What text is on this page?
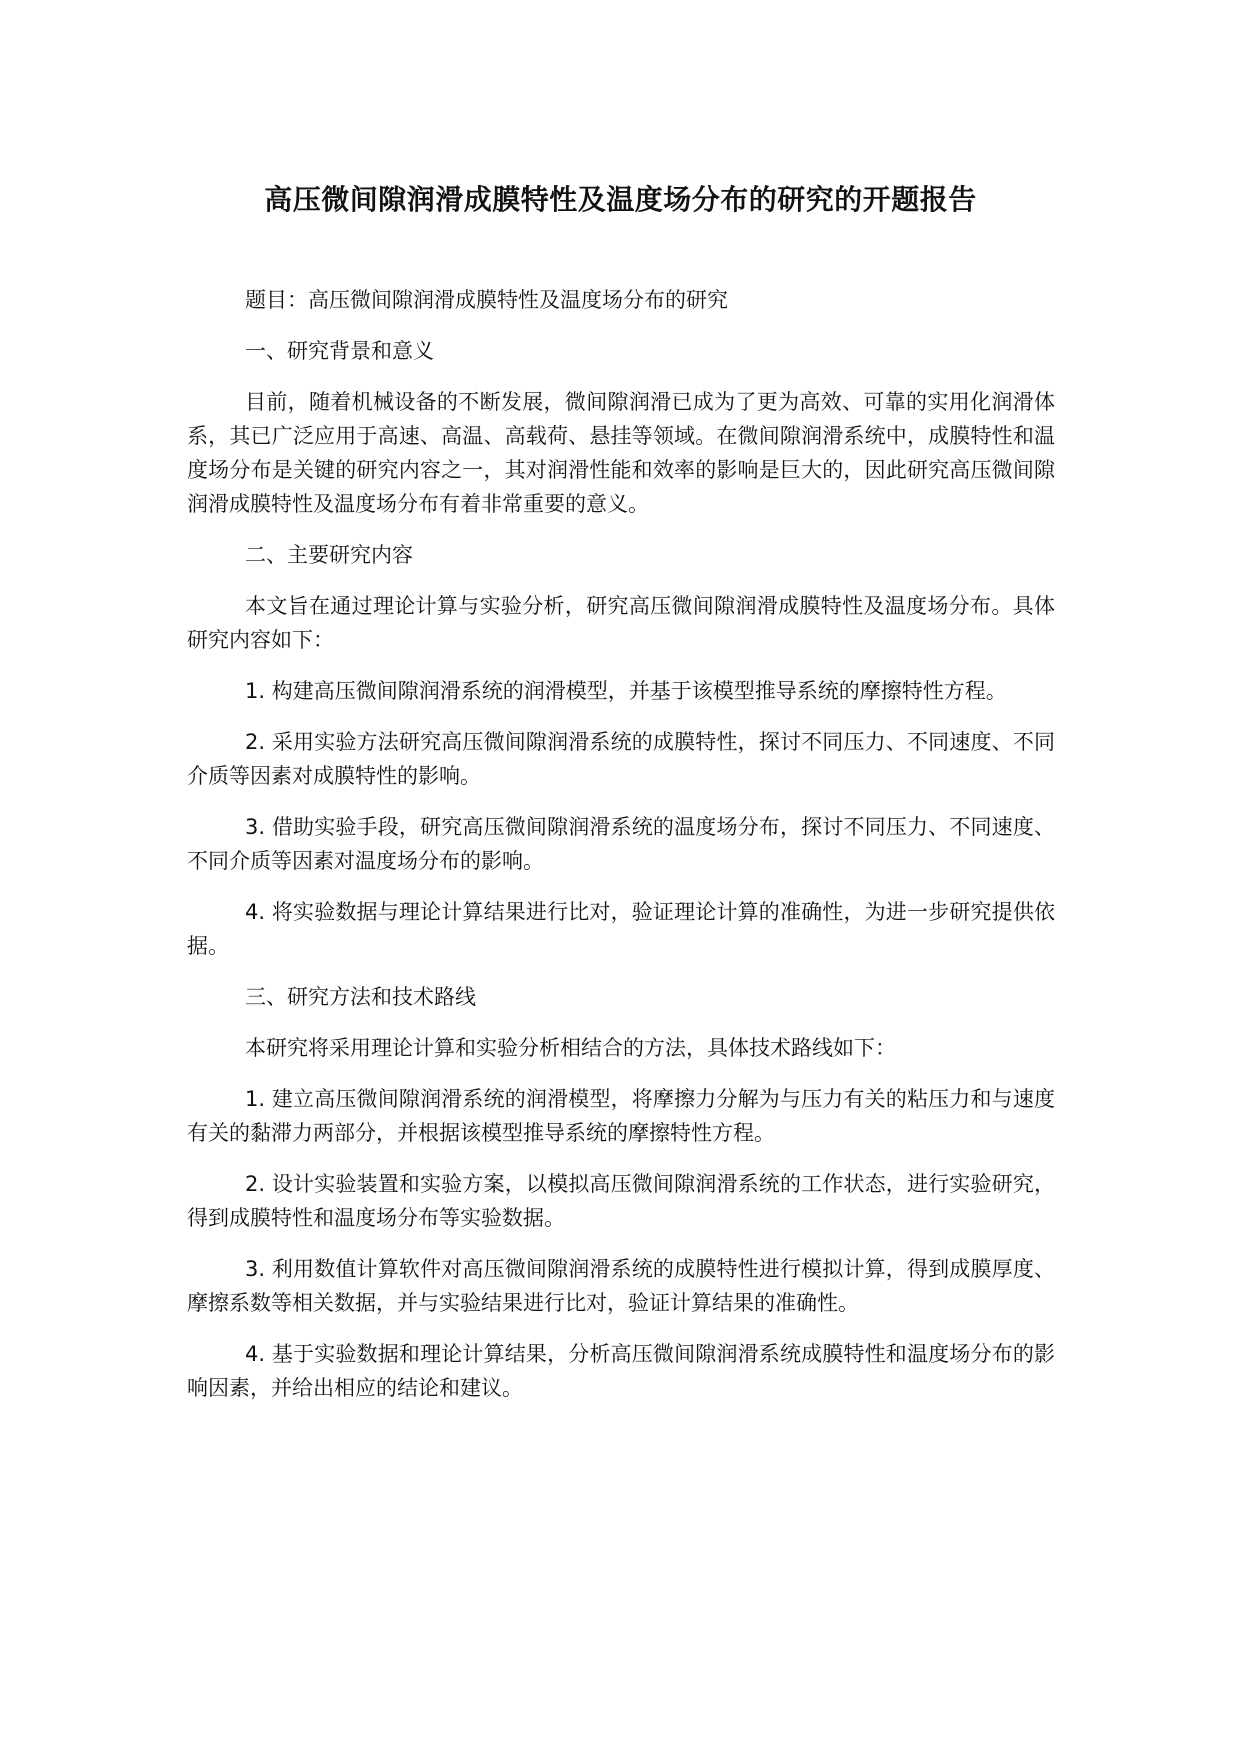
高压微间隙润滑成膜特性及温度场分布的研究的开题报告

题目：高压微间隙润滑成膜特性及温度场分布的研究

一、研究背景和意义

目前，随着机械设备的不断发展，微间隙润滑已成为了更为高效、可靠的实用化润滑体系，其已广泛应用于高速、高温、高载荷、悬挂等领域。在微间隙润滑系统中，成膜特性和温度场分布是关键的研究内容之一，其对润滑性能和效率的影响是巨大的，因此研究高压微间隙润滑成膜特性及温度场分布有着非常重要的意义。

二、主要研究内容

本文旨在通过理论计算与实验分析，研究高压微间隙润滑成膜特性及温度场分布。具体研究内容如下：

1. 构建高压微间隙润滑系统的润滑模型，并基于该模型推导系统的摩擦特性方程。

2. 采用实验方法研究高压微间隙润滑系统的成膜特性，探讨不同压力、不同速度、不同介质等因素对成膜特性的影响。

3. 借助实验手段，研究高压微间隙润滑系统的温度场分布，探讨不同压力、不同速度、不同介质等因素对温度场分布的影响。

4. 将实验数据与理论计算结果进行比对，验证理论计算的准确性，为进一步研究提供依据。

三、研究方法和技术路线

本研究将采用理论计算和实验分析相结合的方法，具体技术路线如下：

1. 建立高压微间隙润滑系统的润滑模型，将摩擦力分解为与压力有关的粘压力和与速度有关的黏滞力两部分，并根据该模型推导系统的摩擦特性方程。

2. 设计实验装置和实验方案，以模拟高压微间隙润滑系统的工作状态，进行实验研究，得到成膜特性和温度场分布等实验数据。

3. 利用数值计算软件对高压微间隙润滑系统的成膜特性进行模拟计算，得到成膜厚度、摩擦系数等相关数据，并与实验结果进行比对，验证计算结果的准确性。

4. 基于实验数据和理论计算结果，分析高压微间隙润滑系统成膜特性和温度场分布的影响因素，并给出相应的结论和建议。
